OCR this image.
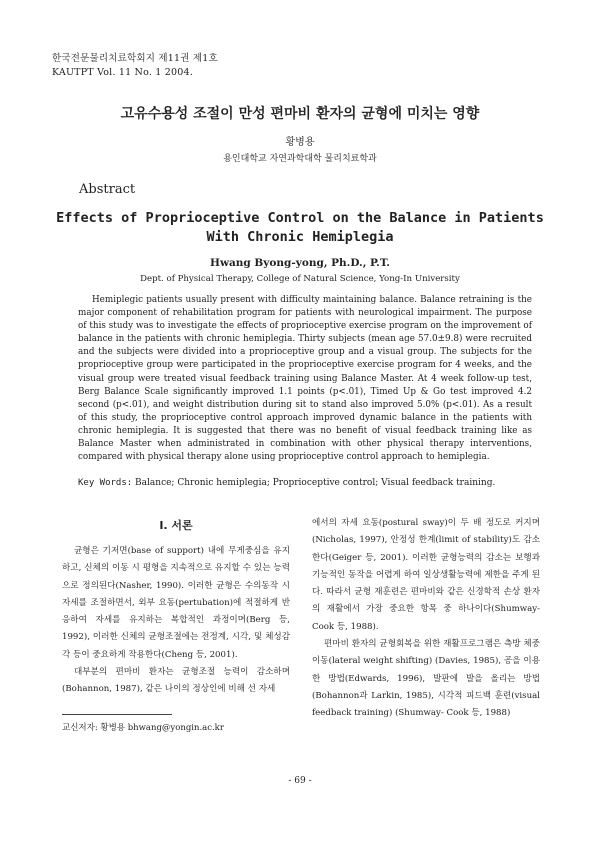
한국전문물리치료학회지 제11권 제1호
KAUTPT Vol. 11 No. 1 2004.
고유수용성 조절이 만성 편마비 환자의 균형에 미치는 영향
황병용
용인대학교 자연과학대학 물리치료학과
Abstract
Effects of Proprioceptive Control on the Balance in Patients
With Chronic Hemiplegia
Hwang Byong-yong, Ph.D., P.T.
Dept. of Physical Therapy, College of Natural Science, Yong-In University
Hemiplegic patients usually present with difficulty maintaining balance. Balance retraining is the major component of rehabilitation program for patients with neurological impairment. The purpose of this study was to investigate the effects of proprioceptive exercise program on the improvement of balance in the patients with chronic hemiplegia. Thirty subjects (mean age 57.0±9.8) were recruited and the subjects were divided into a proprioceptive group and a visual group. The subjects for the proprioceptive group were participated in the proprioceptive exercise program for 4 weeks, and the visual group were treated visual feedback training using Balance Master. At 4 week follow-up test, Berg Balance Scale significantly improved 1.1 points (p<.01), Timed Up & Go test improved 4.2 second (p<.01), and weight distribution during sit to stand also improved 5.0% (p<.01). As a result of this study, the proprioceptive control approach improved dynamic balance in the patients with chronic hemiplegia. It is suggested that there was no benefit of visual feedback training like as Balance Master when administrated in combination with other physical therapy interventions, compared with physical therapy alone using proprioceptive control approach to hemiplegia.
Key Words: Balance; Chronic hemiplegia; Proprioceptive control; Visual feedback training.
I. 서론

균형은 기저면(base of support) 내에 무게중심을 유지하고, 신체의 이동 시 평형을 지속적으로 유지할 수 있는 능력으로 정의된다(Nasher, 1990). 이러한 균형은 수의동작 시 자세를 조절하면서, 외부 요동(pertubation)에 적절하게 반응하여 자세를 유지하는 복합적인 과정이며(Berg 등, 1992), 이러한 신체의 균형조절에는 전정계, 시각, 및 체성감각 등이 중요하게 작용한다(Cheng 등, 2001).

대부분의 편마비 환자는 균형조절 능력이 감소하며(Bohannon, 1987), 같은 나이의 정상인에 비해 선 자세

에서의 자세 요동(postural sway)이 두 배 정도로 커지며(Nicholas, 1997), 안정성 한계(limit of stability)도 감소한다(Geiger 등, 2001). 이러한 균형능력의 감소는 보행과 기능적인 동작을 어렵게 하여 일상생활능력에 제한을 주게 된다. 따라서 균형 재훈련은 편마비와 같은 신경학적 손상 환자의 재활에서 가장 중요한 항목 중 하나이다(Shumway-Cook 등, 1988).

편마비 환자의 균형회복을 위한 재활프로그램은 측방 체중 이동(lateral weight shifting) (Davies, 1985), 공을 이용한 방법(Edwards, 1996), 발판에 발을 올리는 방법(Bohannon과 Larkin, 1985), 시각적 피드백 훈련(visual feedback training) (Shumway- Cook 등, 1988)

교신저자: 황병용 bhwang@yongin.ac.kr
- 69 -
